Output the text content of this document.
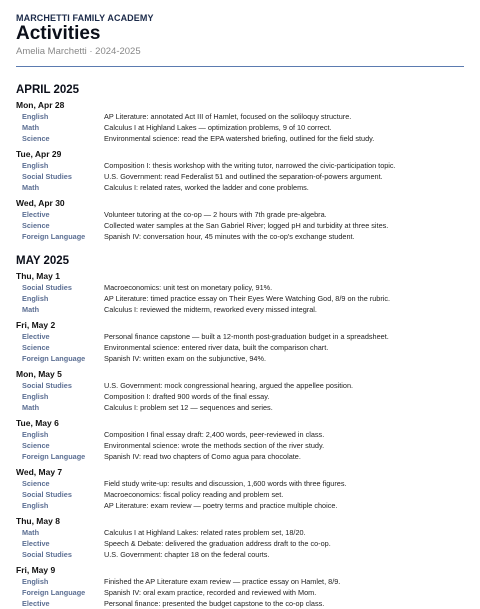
MARCHETTI FAMILY ACADEMY
Activities
Amelia Marchetti · 2024-2025
APRIL 2025
Mon, Apr 28
English	AP Literature: annotated Act III of Hamlet, focused on the soliloquy structure.
Math	Calculus I at Highland Lakes — optimization problems, 9 of 10 correct.
Science	Environmental science: read the EPA watershed briefing, outlined for the field study.
Tue, Apr 29
English	Composition I: thesis workshop with the writing tutor, narrowed the civic-participation topic.
Social Studies	U.S. Government: read Federalist 51 and outlined the separation-of-powers argument.
Math	Calculus I: related rates, worked the ladder and cone problems.
Wed, Apr 30
Elective	Volunteer tutoring at the co-op — 2 hours with 7th grade pre-algebra.
Science	Collected water samples at the San Gabriel River; logged pH and turbidity at three sites.
Foreign Language	Spanish IV: conversation hour, 45 minutes with the co-op's exchange student.
MAY 2025
Thu, May 1
Social Studies	Macroeconomics: unit test on monetary policy, 91%.
English	AP Literature: timed practice essay on Their Eyes Were Watching God, 8/9 on the rubric.
Math	Calculus I: reviewed the midterm, reworked every missed integral.
Fri, May 2
Elective	Personal finance capstone — built a 12-month post-graduation budget in a spreadsheet.
Science	Environmental science: entered river data, built the comparison chart.
Foreign Language	Spanish IV: written exam on the subjunctive, 94%.
Mon, May 5
Social Studies	U.S. Government: mock congressional hearing, argued the appellee position.
English	Composition I: drafted 900 words of the final essay.
Math	Calculus I: problem set 12 — sequences and series.
Tue, May 6
English	Composition I final essay draft: 2,400 words, peer-reviewed in class.
Science	Environmental science: wrote the methods section of the river study.
Foreign Language	Spanish IV: read two chapters of Como agua para chocolate.
Wed, May 7
Science	Field study write-up: results and discussion, 1,600 words with three figures.
Social Studies	Macroeconomics: fiscal policy reading and problem set.
English	AP Literature: exam review — poetry terms and practice multiple choice.
Thu, May 8
Math	Calculus I at Highland Lakes: related rates problem set, 18/20.
Elective	Speech & Debate: delivered the graduation address draft to the co-op.
Social Studies	U.S. Government: chapter 18 on the federal courts.
Fri, May 9
English	Finished the AP Literature exam review — practice essay on Hamlet, 8/9.
Foreign Language	Spanish IV: oral exam practice, recorded and reviewed with Mom.
Elective	Personal finance: presented the budget capstone to the co-op class.
